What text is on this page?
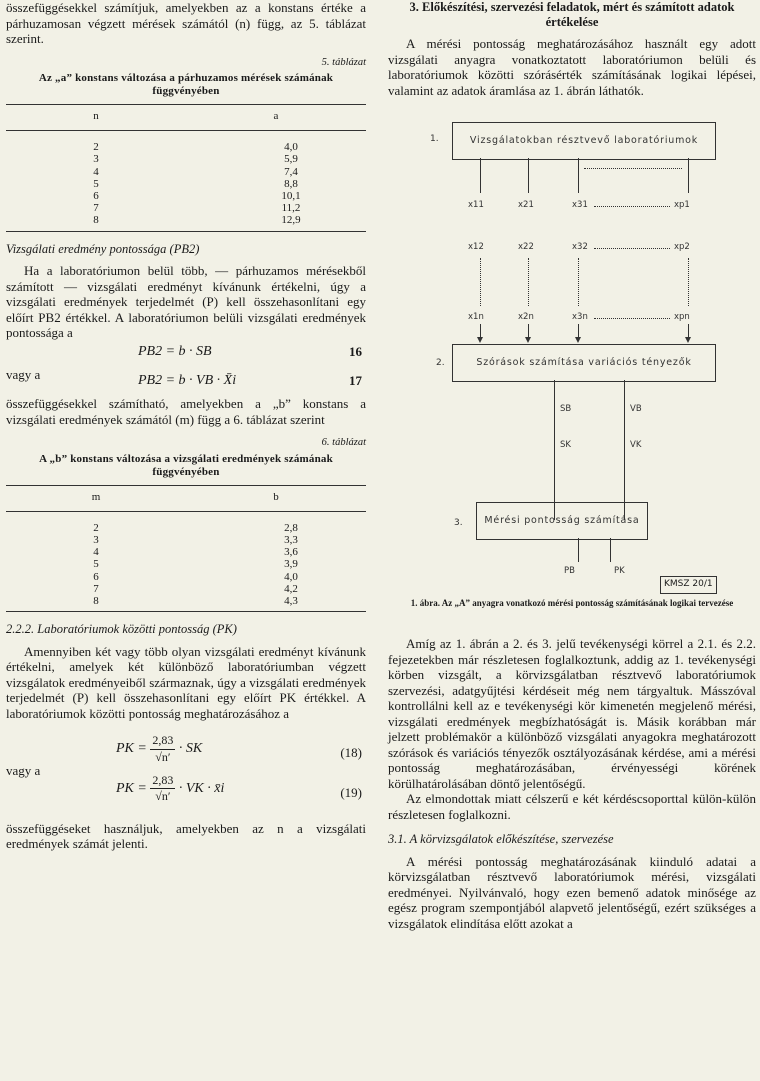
összefüggésekkel számítjuk, amelyekben az a konstans értéke a párhuzamosan végzett mérések számától (n) függ, az 5. táblázat szerint.

5. táblázat
Az „a” konstans változása a párhuzamos mérések számának függvényében
n	a
2	4,0
3	5,9
4	7,4
5	8,8
6	10,1
7	11,2
8	12,9
Vizsgálati eredmény pontossága (PB2)

Ha a laboratóriumon belül több, — párhuzamos mérésekből számított — vizsgálati eredményt kívánunk értékelni, úgy a vizsgálati eredmények terjedelmét (P) kell összehasonlítani egy előírt PB2 értékkel. A laboratóriumon belüli vizsgálati eredmények pontossága a

PB2 = b · SB	16
vagy a	PB2 = b · VB · X̄i	17

összefüggésekkel számítható, amelyekben a „b” konstans a vizsgálati eredmények számától (m) függ a 6. táblázat szerint

6. táblázat
A „b” konstans változása a vizsgálati eredmények számának függvényében
m	b
2	2,8
3	3,3
4	3,6
5	3,9
6	4,0
7	4,2
8	4,3
2.2.2. Laboratóriumok közötti pontosság (PK)

Amennyiben két vagy több olyan vizsgálati eredményt kívánunk értékelni, amelyek két különböző laboratóriumban végzett vizsgálatok eredményeiből származnak, úgy a vizsgálati eredmények terjedelmét (P) kell összehasonlítani egy előírt PK értékkel. A laboratóriumok közötti pontosság meghatározásához a

PK = $\frac{2,83}{√n'}$ · SK	(18)
vagy a
PK = $\frac{2,83}{√n'}$ · VK · x̄i	(19)

összefüggéseket használjuk, amelyekben az n a vizsgálati eredmények számát jelenti.

3. Előkészítési, szervezési feladatok, mért és számított adatok értékelése

A mérési pontosság meghatározásához használt egy adott vizsgálati anyagra vonatkoztatott laboratóriumon belüli és laboratóriumok közötti szórásérték számításának logikai lépései, valamint az adatok áramlása az 1. ábrán láthatók.

1.	Vizsgálatokban résztvevő laboratóriumok
x11	x21	x31	xp1
x12	x22	x32	xp2
x1n	x2n	x3n	xpn
2.	Szórások számítása variációs tényezők
SB	VB
SK	VK
3.	Mérési pontosság számítása
PB	PK
KMSZ 20/1
1. ábra. Az „A” anyagra vonatkozó mérési pontosság számításának logikai tervezése

Amíg az 1. ábrán a 2. és 3. jelű tevékenységi körrel a 2.1. és 2.2. fejezetekben már részletesen foglalkoztunk, addig az 1. tevékenységi körben vizsgált, a körvizsgálatban résztvevő laboratóriumok szervezési, adatgyűjtési kérdéseit még nem tárgyaltuk. Másszóval kontrollálni kell az e tevékenységi kör kimenetén megjelenő mérési, vizsgálati eredmények megbízhatóságát is. Másik korábban már jelzett problémakör a különböző vizsgálati anyagokra meghatározott szórások és variációs tényezők osztályozásának kérdése, ami a mérési pontosság meghatározásában, érvényességi körének körülhatárolásában döntő jelentőségű.

Az elmondottak miatt célszerű e két kérdéscsoporttal külön-külön részletesen foglalkozni.

3.1. A körvizsgálatok előkészítése, szervezése

A mérési pontosság meghatározásának kiinduló adatai a körvizsgálatban résztvevő laboratóriumok mérési, vizsgálati eredményei. Nyilvánvaló, hogy ezen bemenő adatok minősége az egész program szempontjából alapvető jelentőségű, ezért szükséges a vizsgálatok elindítása előtt azokat a
